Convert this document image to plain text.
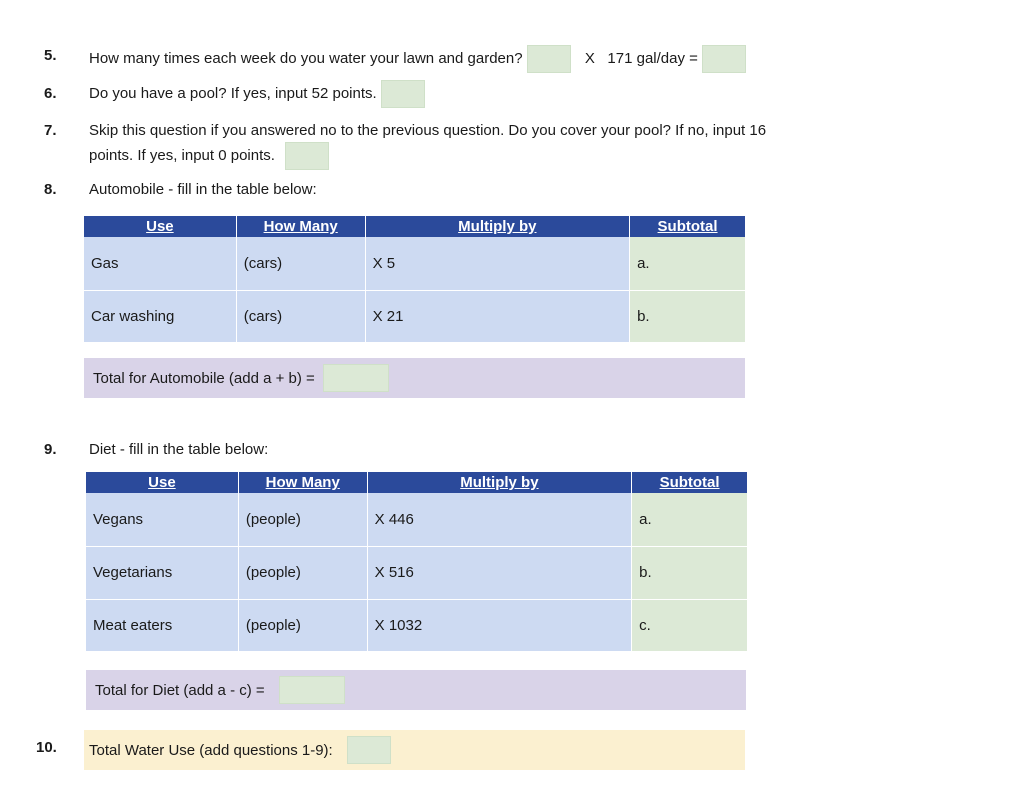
5. How many times each week do you water your lawn and garden?	X   171 gal/day =
6. Do you have a pool? If yes, input 52 points.
7. Skip this question if you answered no to the previous question. Do you cover your pool? If no, input 16
points. If yes, input 0 points.
8. Automobile - fill in the table below:
Use	How Many	Multiply by	Subtotal
Gas	(cars)	X 5	a.
Car washing	(cars)	X 21	b.
Total for Automobile (add a + b) =
9. Diet - fill in the table below:
Use	How Many	Multiply by	Subtotal
Vegans	(people)	X 446	a.
Vegetarians	(people)	X 516	b.
Meat eaters	(people)	X 1032	c.
Total for Diet (add a - c) =
10. Total Water Use (add questions 1-9):
